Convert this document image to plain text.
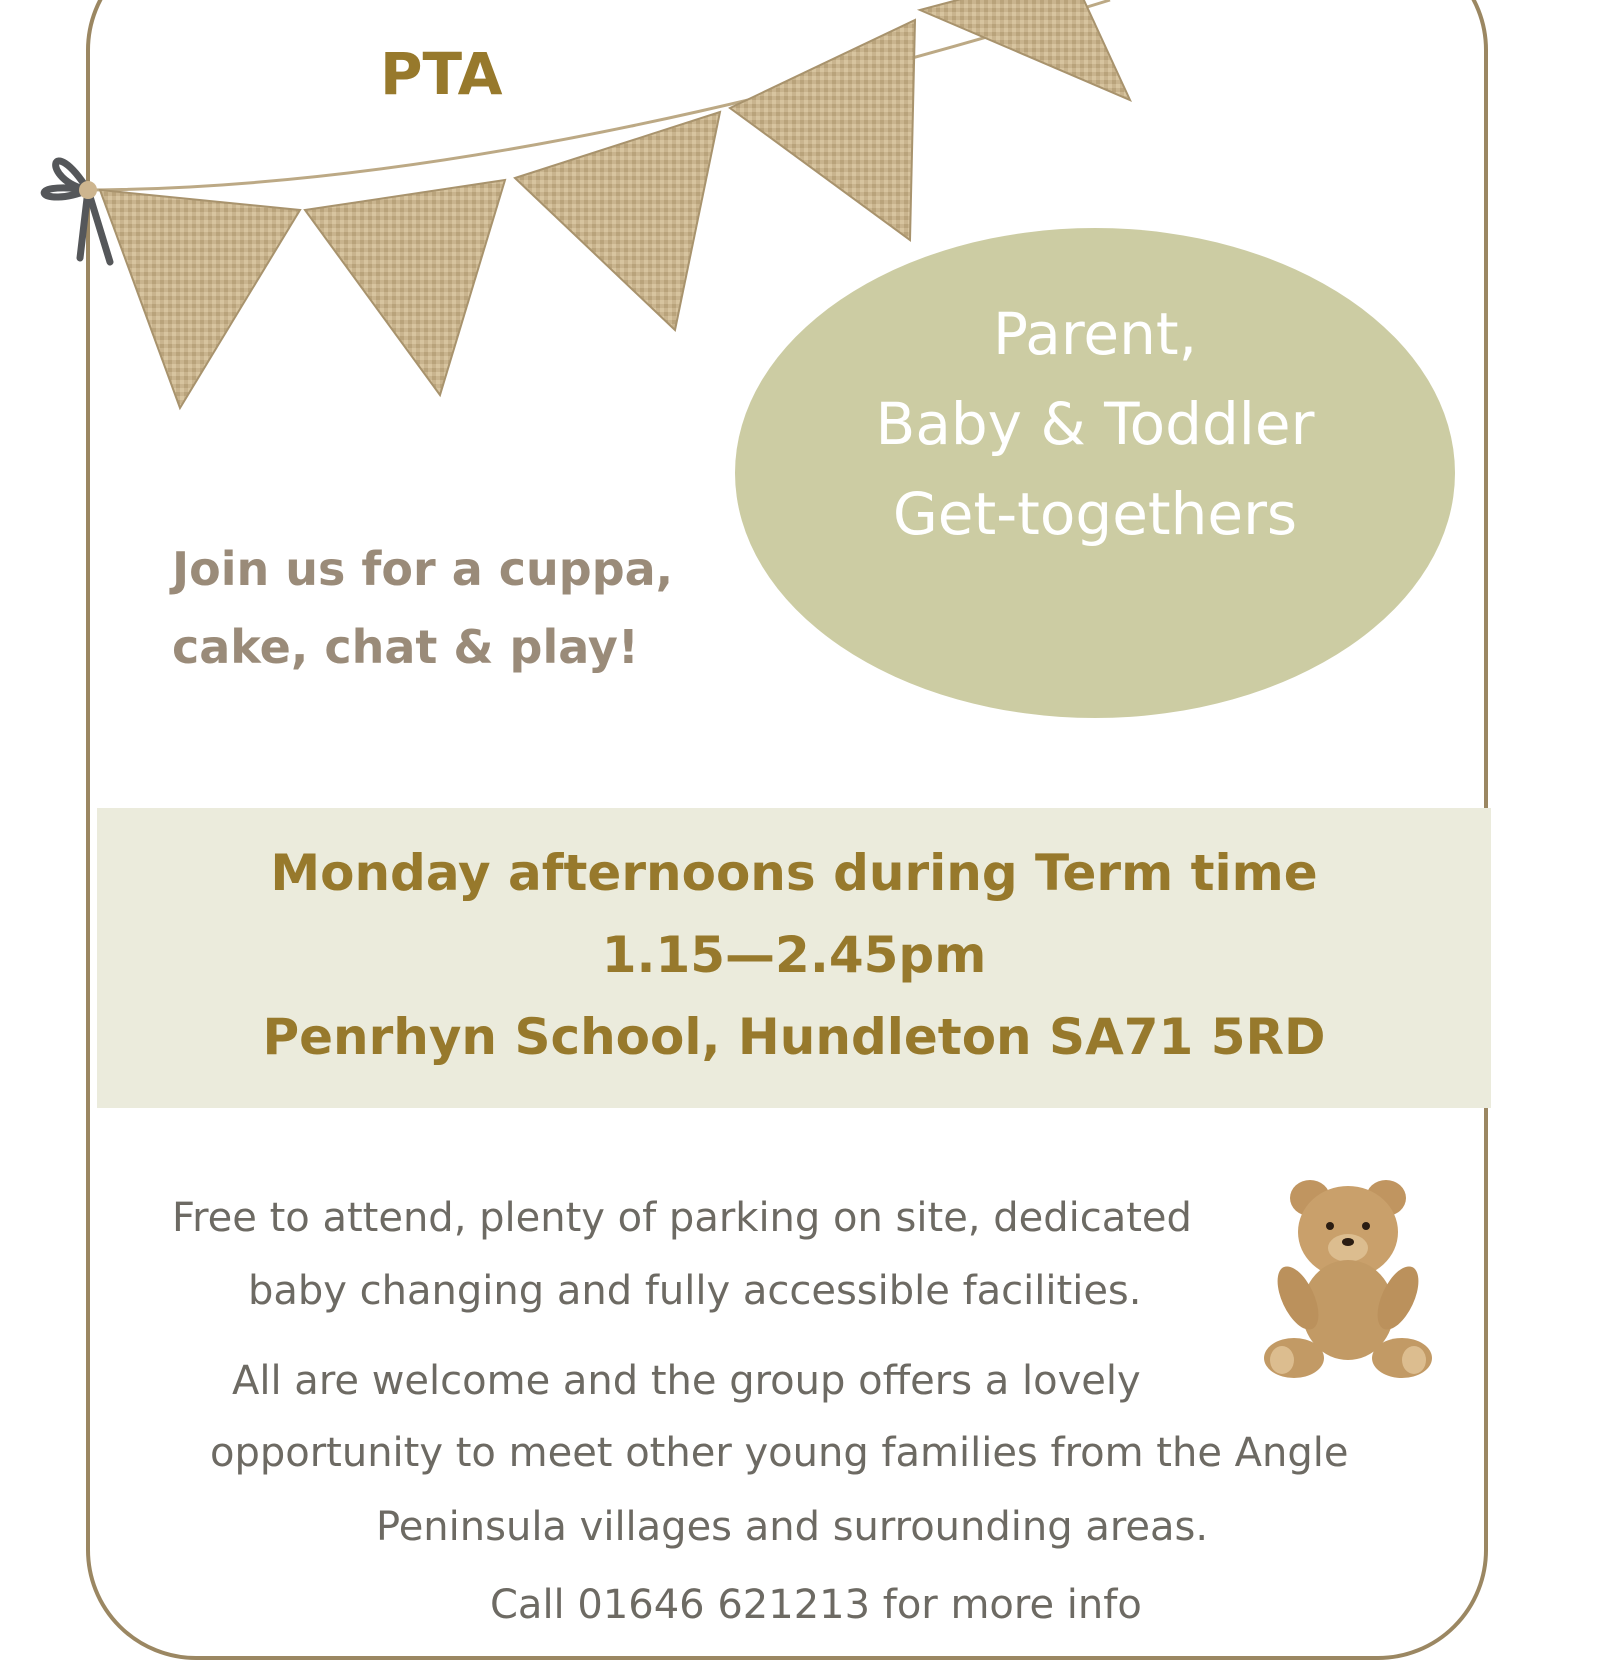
PTA
Parent,
Baby & Toddler
Get-togethers
Join us for a cuppa,
cake, chat & play!
Monday afternoons during Term time
1.15—2.45pm
Penrhyn School, Hundleton SA71 5RD
Free to attend, plenty of parking on site, dedicated
baby changing and fully accessible facilities.
All are welcome and the group offers a lovely
opportunity to meet other young families from the Angle
Peninsula villages and surrounding areas.
Call 01646 621213 for more info
